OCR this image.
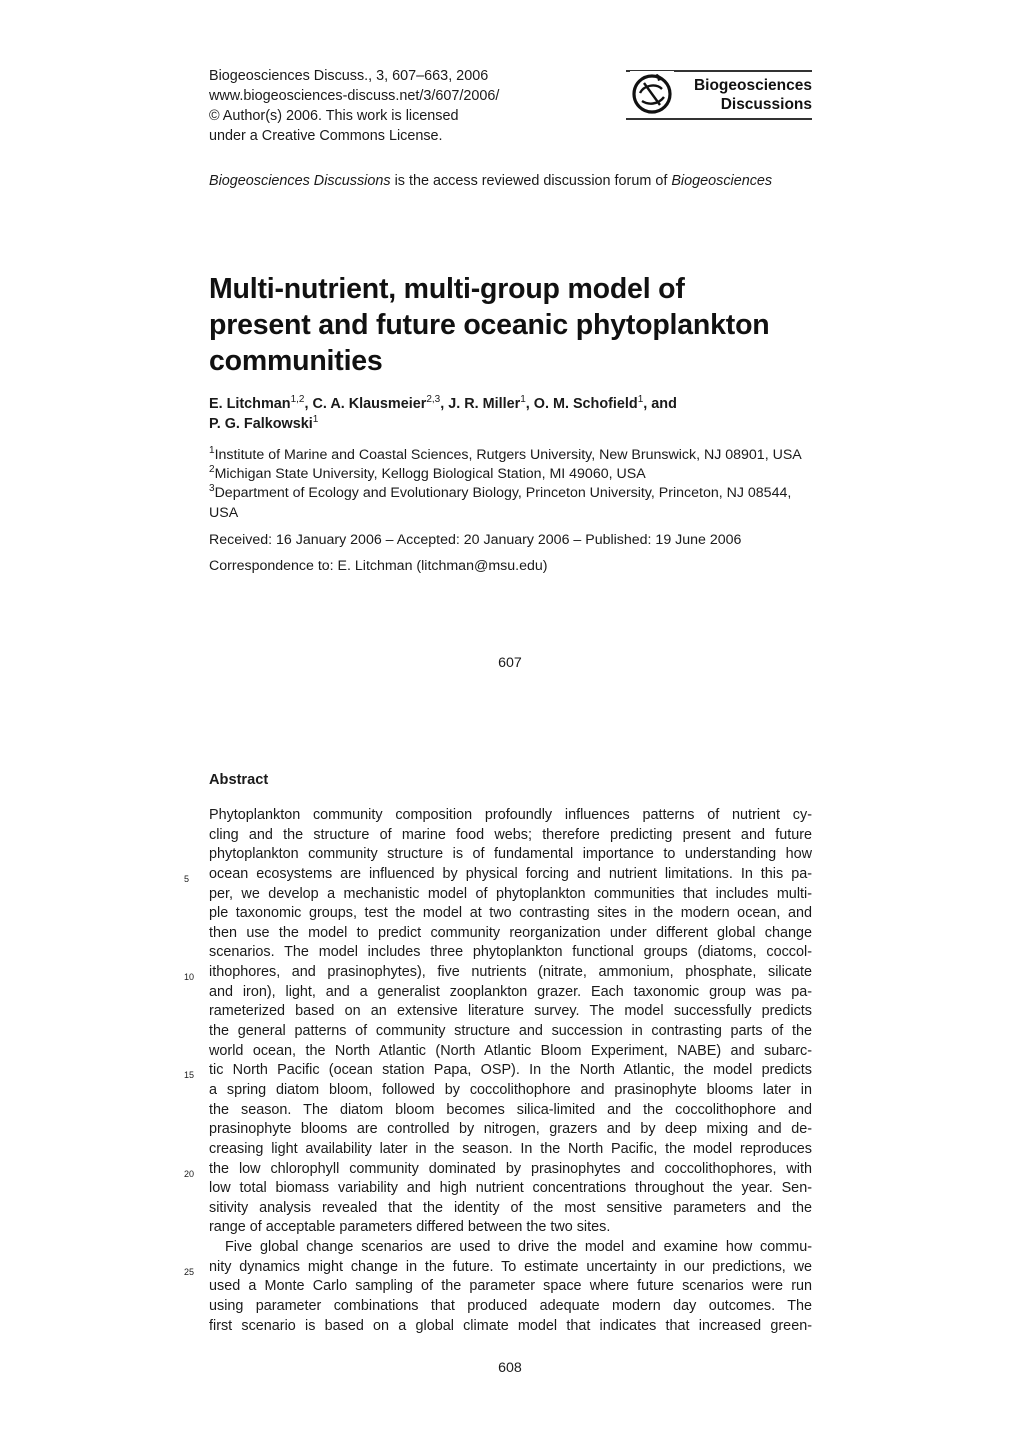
Biogeosciences Discuss., 3, 607–663, 2006
www.biogeosciences-discuss.net/3/607/2006/
© Author(s) 2006. This work is licensed
under a Creative Commons License.
Biogeosciences
Discussions
Biogeosciences Discussions is the access reviewed discussion forum of Biogeosciences
Multi-nutrient, multi-group model of
present and future oceanic phytoplankton
communities
E. Litchman$^{1,2}$, C. A. Klausmeier$^{2,3}$, J. R. Miller$^1$, O. M. Schofield$^1$, and
P. G. Falkowski$^1$
$^1$Institute of Marine and Coastal Sciences, Rutgers University, New Brunswick, NJ 08901, USA
$^2$Michigan State University, Kellogg Biological Station, MI 49060, USA
$^3$Department of Ecology and Evolutionary Biology, Princeton University, Princeton, NJ 08544, USA
Received: 16 January 2006 – Accepted: 20 January 2006 – Published: 19 June 2006
Correspondence to: E. Litchman (litchman@msu.edu)
607
Abstract
Phytoplankton community composition profoundly influences patterns of nutrient cy-
cling and the structure of marine food webs; therefore predicting present and future
phytoplankton community structure is of fundamental importance to understanding how
ocean ecosystems are influenced by physical forcing and nutrient limitations. In this pa-
5
per, we develop a mechanistic model of phytoplankton communities that includes multi-
ple taxonomic groups, test the model at two contrasting sites in the modern ocean, and
then use the model to predict community reorganization under different global change
scenarios. The model includes three phytoplankton functional groups (diatoms, coccol-
ithophores, and prasinophytes), five nutrients (nitrate, ammonium, phosphate, silicate
10
and iron), light, and a generalist zooplankton grazer. Each taxonomic group was pa-
rameterized based on an extensive literature survey. The model successfully predicts
the general patterns of community structure and succession in contrasting parts of the
world ocean, the North Atlantic (North Atlantic Bloom Experiment, NABE) and subarc-
tic North Pacific (ocean station Papa, OSP). In the North Atlantic, the model predicts
15
a spring diatom bloom, followed by coccolithophore and prasinophyte blooms later in
the season. The diatom bloom becomes silica-limited and the coccolithophore and
prasinophyte blooms are controlled by nitrogen, grazers and by deep mixing and de-
creasing light availability later in the season. In the North Pacific, the model reproduces
the low chlorophyll community dominated by prasinophytes and coccolithophores, with
20
low total biomass variability and high nutrient concentrations throughout the year. Sen-
sitivity analysis revealed that the identity of the most sensitive parameters and the
range of acceptable parameters differed between the two sites.
Five global change scenarios are used to drive the model and examine how commu-
nity dynamics might change in the future. To estimate uncertainty in our predictions, we
25
used a Monte Carlo sampling of the parameter space where future scenarios were run
using parameter combinations that produced adequate modern day outcomes. The
first scenario is based on a global climate model that indicates that increased green-
608
